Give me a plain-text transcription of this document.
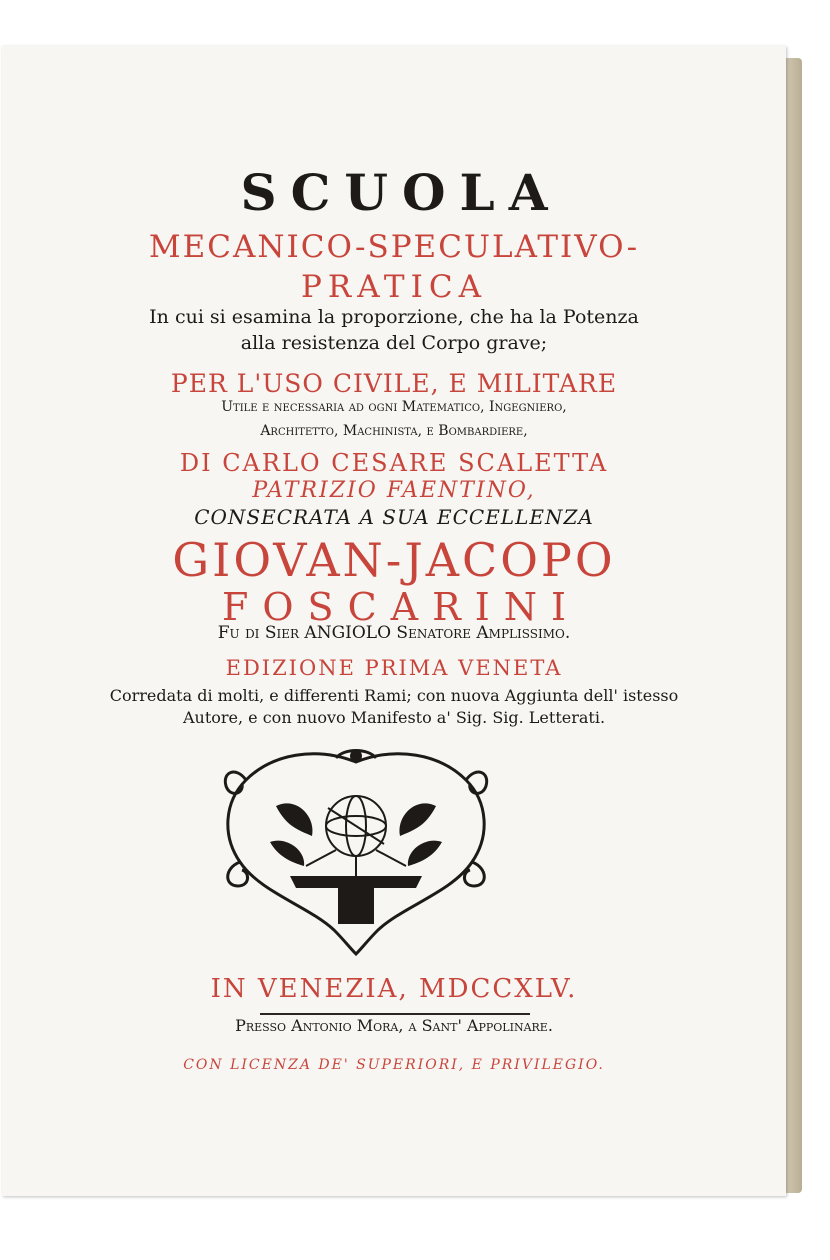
SCUOLA
MECANICO-SPECULATIVO-
PRATICA
In cui si esamina la proporzione, che ha la Potenza
alla resistenza del Corpo grave;
PER L'USO CIVILE, E MILITARE
Utile e necessaria ad ogni Matematico, Ingegniero,
Architetto, Machinista, e Bombardiere,
DI CARLO CESARE SCALETTA
PATRIZIO FAENTINO,
CONSECRATA A SUA ECCELLENZA
GIOVAN-JACOPO
FOSCARINI
Fu di Sier ANGIOLO Senatore Amplissimo.
EDIZIONE PRIMA VENETA
Corredata di molti, e differenti Rami; con nuova Aggiunta dell' istesso
Autore, e con nuovo Manifesto a' Sig. Sig. Letterati.
IN VENEZIA, MDCCXLV.
Presso Antonio Mora, a Sant' Appolinare.
CON LICENZA DE' SUPERIORI, E PRIVILEGIO.
